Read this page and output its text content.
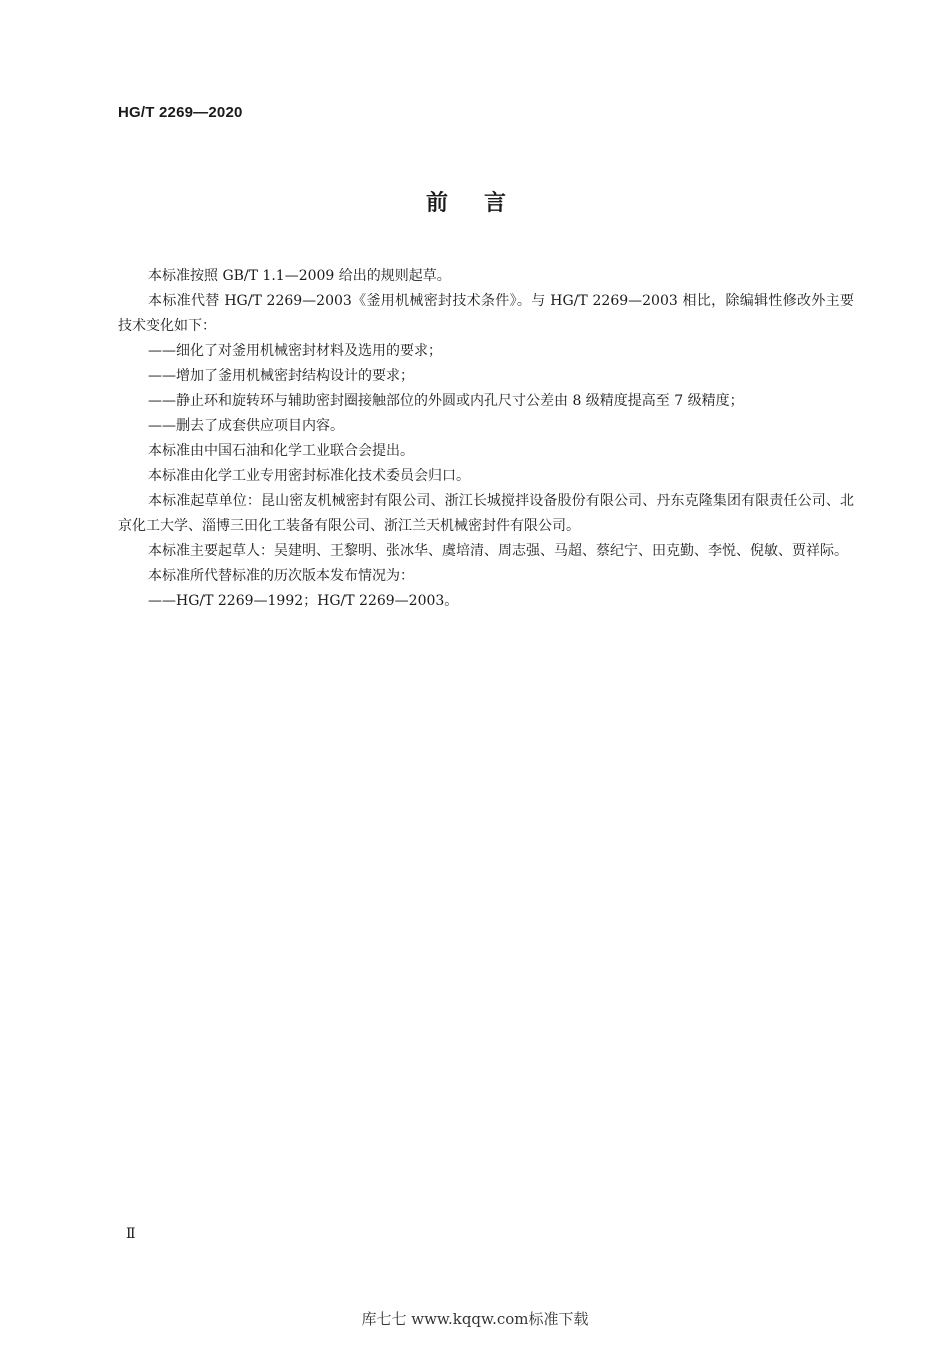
HG/T 2269—2020
前言

本标准按照 GB/T 1.1—2009 给出的规则起草。

本标准代替 HG/T 2269—2003《釜用机械密封技术条件》。与 HG/T 2269—2003 相比，除编辑性修改外主要技术变化如下：

——细化了对釜用机械密封材料及选用的要求；

——增加了釜用机械密封结构设计的要求；

——静止环和旋转环与辅助密封圈接触部位的外圆或内孔尺寸公差由 8 级精度提高至 7 级精度；

——删去了成套供应项目内容。

本标准由中国石油和化学工业联合会提出。

本标准由化学工业专用密封标准化技术委员会归口。

本标准起草单位：昆山密友机械密封有限公司、浙江长城搅拌设备股份有限公司、丹东克隆集团有限责任公司、北京化工大学、淄博三田化工装备有限公司、浙江兰天机械密封件有限公司。

本标准主要起草人：吴建明、王黎明、张冰华、虞培清、周志强、马超、蔡纪宁、田克勤、李悦、倪敏、贾祥际。

本标准所代替标准的历次版本发布情况为：

——HG/T 2269—1992；HG/T 2269—2003。

Ⅱ
库七七 www.kqqw.com标准下载
